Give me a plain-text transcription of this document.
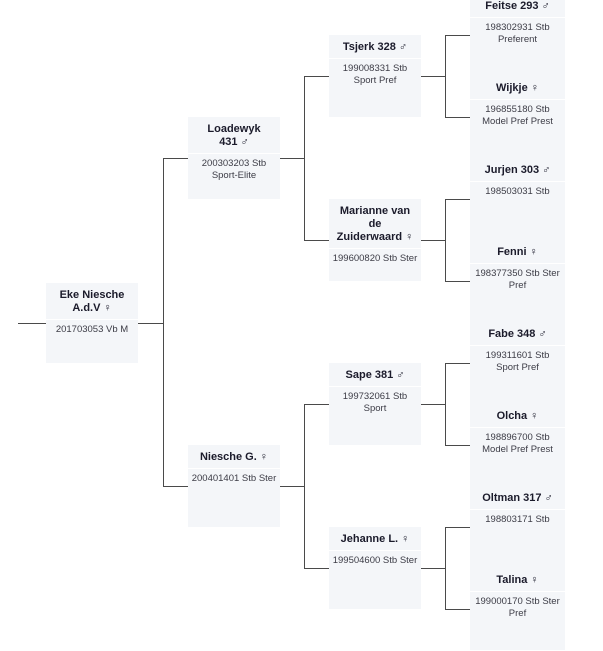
Eke Niesche A.d.V ♀
201703053 Vb M
Loadewyk 431 ♂
200303203 Stb Sport-Elite
Niesche G. ♀
200401401 Stb Ster
Tsjerk 328 ♂
199008331 Stb Sport Pref
Marianne van de Zuiderwaard ♀
199600820 Stb Ster
Sape 381 ♂
199732061 Stb Sport
Jehanne L. ♀
199504600 Stb Ster
Feitse 293 ♂
198302931 Stb Preferent
Wijkje ♀
196855180 Stb Model Pref Prest
Jurjen 303 ♂
198503031 Stb
Fenni ♀
198377350 Stb Ster Pref
Fabe 348 ♂
199311601 Stb Sport Pref
Olcha ♀
198896700 Stb Model Pref Prest
Oltman 317 ♂
198803171 Stb
Talina ♀
199000170 Stb Ster Pref
